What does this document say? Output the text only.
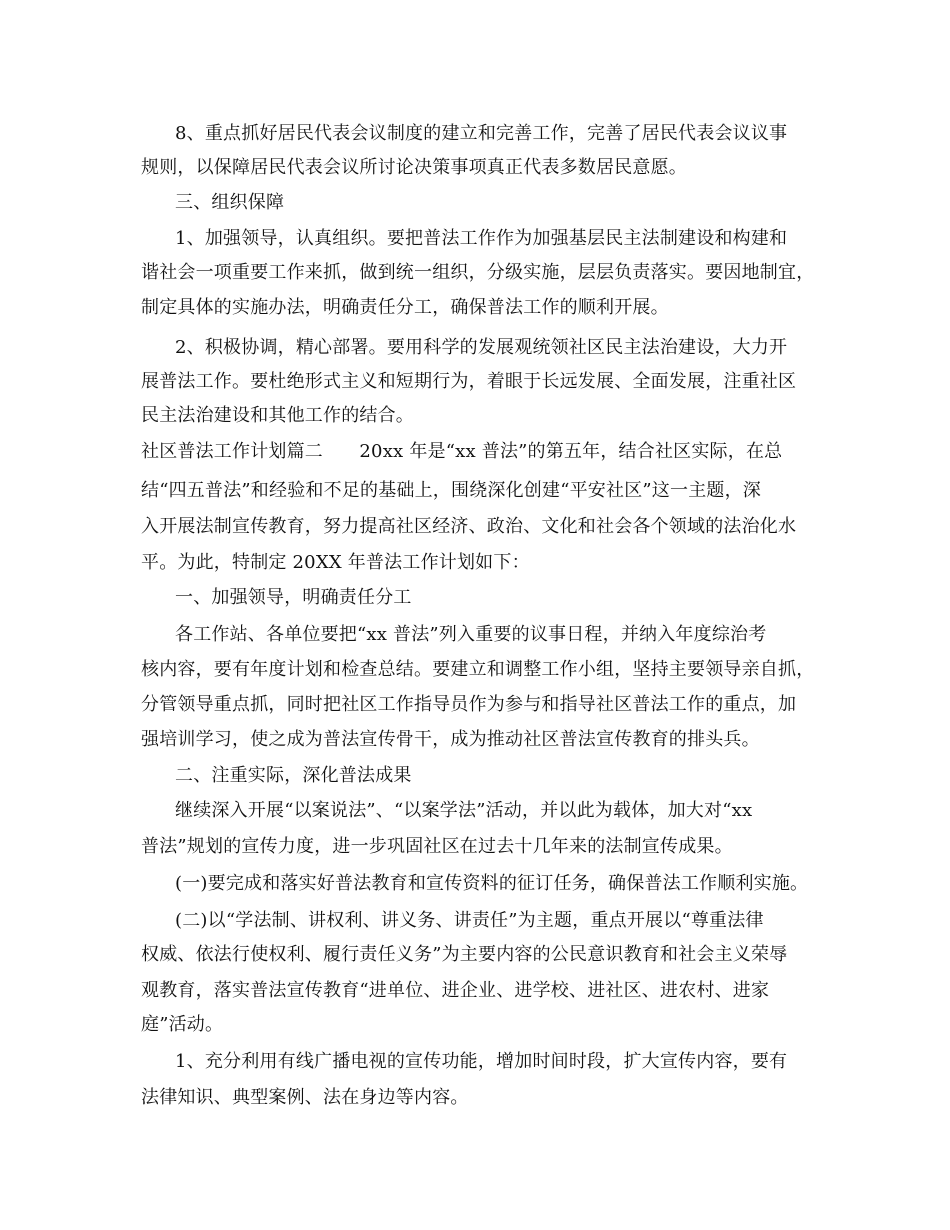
8、重点抓好居民代表会议制度的建立和完善工作，完善了居民代表会议议事
规则，以保障居民代表会议所讨论决策事项真正代表多数居民意愿。
三、组织保障
1、加强领导，认真组织。要把普法工作作为加强基层民主法制建设和构建和
谐社会一项重要工作来抓，做到统一组织，分级实施，层层负责落实。要因地制宜，
制定具体的实施办法，明确责任分工，确保普法工作的顺利开展。
2、积极协调，精心部署。要用科学的发展观统领社区民主法治建设，大力开
展普法工作。要杜绝形式主义和短期行为，着眼于长远发展、全面发展，注重社区
民主法治建设和其他工作的结合。
社区普法工作计划篇二　　20xx 年是“xx 普法”的第五年，结合社区实际，在总
结“四五普法”和经验和不足的基础上，围绕深化创建“平安社区”这一主题，深
入开展法制宣传教育，努力提高社区经济、政治、文化和社会各个领域的法治化水
平。为此，特制定 20XX 年普法工作计划如下：
一、加强领导，明确责任分工
各工作站、各单位要把“xx 普法”列入重要的议事日程，并纳入年度综治考
核内容，要有年度计划和检查总结。要建立和调整工作小组，坚持主要领导亲自抓，
分管领导重点抓，同时把社区工作指导员作为参与和指导社区普法工作的重点，加
强培训学习，使之成为普法宣传骨干，成为推动社区普法宣传教育的排头兵。
二、注重实际，深化普法成果
继续深入开展“以案说法”、“以案学法”活动，并以此为载体，加大对“xx
普法”规划的宣传力度，进一步巩固社区在过去十几年来的法制宣传成果。
(一)要完成和落实好普法教育和宣传资料的征订任务，确保普法工作顺利实施。
(二)以“学法制、讲权利、讲义务、讲责任”为主题，重点开展以“尊重法律
权威、依法行使权利、履行责任义务”为主要内容的公民意识教育和社会主义荣辱
观教育，落实普法宣传教育“进单位、进企业、进学校、进社区、进农村、进家
庭”活动。
1、充分利用有线广播电视的宣传功能，增加时间时段，扩大宣传内容，要有
法律知识、典型案例、法在身边等内容。
